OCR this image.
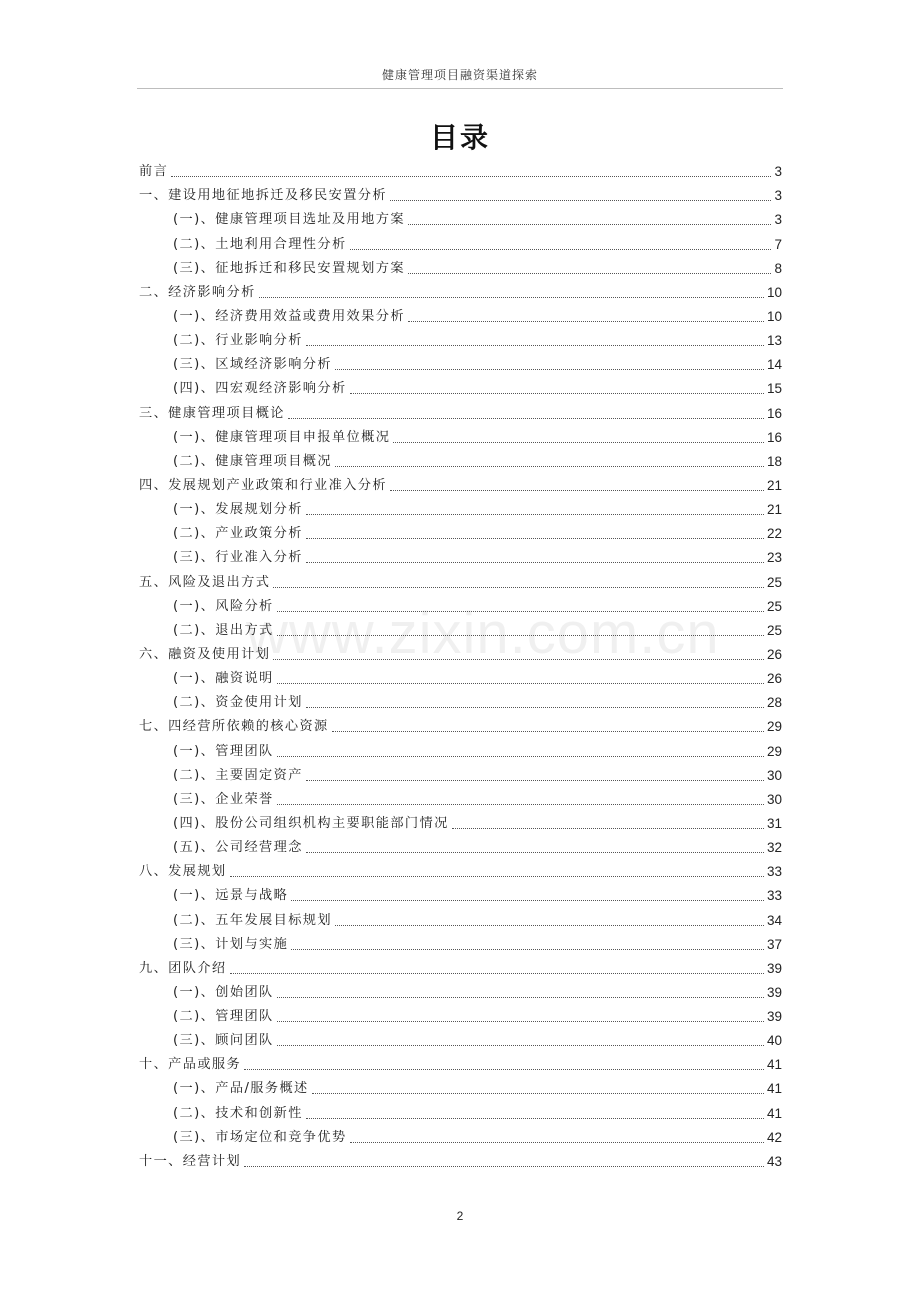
健康管理项目融资渠道探索
目录
www.zixin.com.cn
前言	3
一、建设用地征地拆迁及移民安置分析	3
(一)、健康管理项目选址及用地方案	3
(二)、土地利用合理性分析	7
(三)、征地拆迁和移民安置规划方案	8
二、经济影响分析	10
(一)、经济费用效益或费用效果分析	10
(二)、行业影响分析	13
(三)、区域经济影响分析	14
(四)、四宏观经济影响分析	15
三、健康管理项目概论	16
(一)、健康管理项目申报单位概况	16
(二)、健康管理项目概况	18
四、发展规划产业政策和行业准入分析	21
(一)、发展规划分析	21
(二)、产业政策分析	22
(三)、行业准入分析	23
五、风险及退出方式	25
(一)、风险分析	25
(二)、退出方式	25
六、融资及使用计划	26
(一)、融资说明	26
(二)、资金使用计划	28
七、四经营所依赖的核心资源	29
(一)、管理团队	29
(二)、主要固定资产	30
(三)、企业荣誉	30
(四)、股份公司组织机构主要职能部门情况	31
(五)、公司经营理念	32
八、发展规划	33
(一)、远景与战略	33
(二)、五年发展目标规划	34
(三)、计划与实施	37
九、团队介绍	39
(一)、创始团队	39
(二)、管理团队	39
(三)、顾问团队	40
十、产品或服务	41
(一)、产品/服务概述	41
(二)、技术和创新性	41
(三)、市场定位和竞争优势	42
十一、经营计划	43
2
